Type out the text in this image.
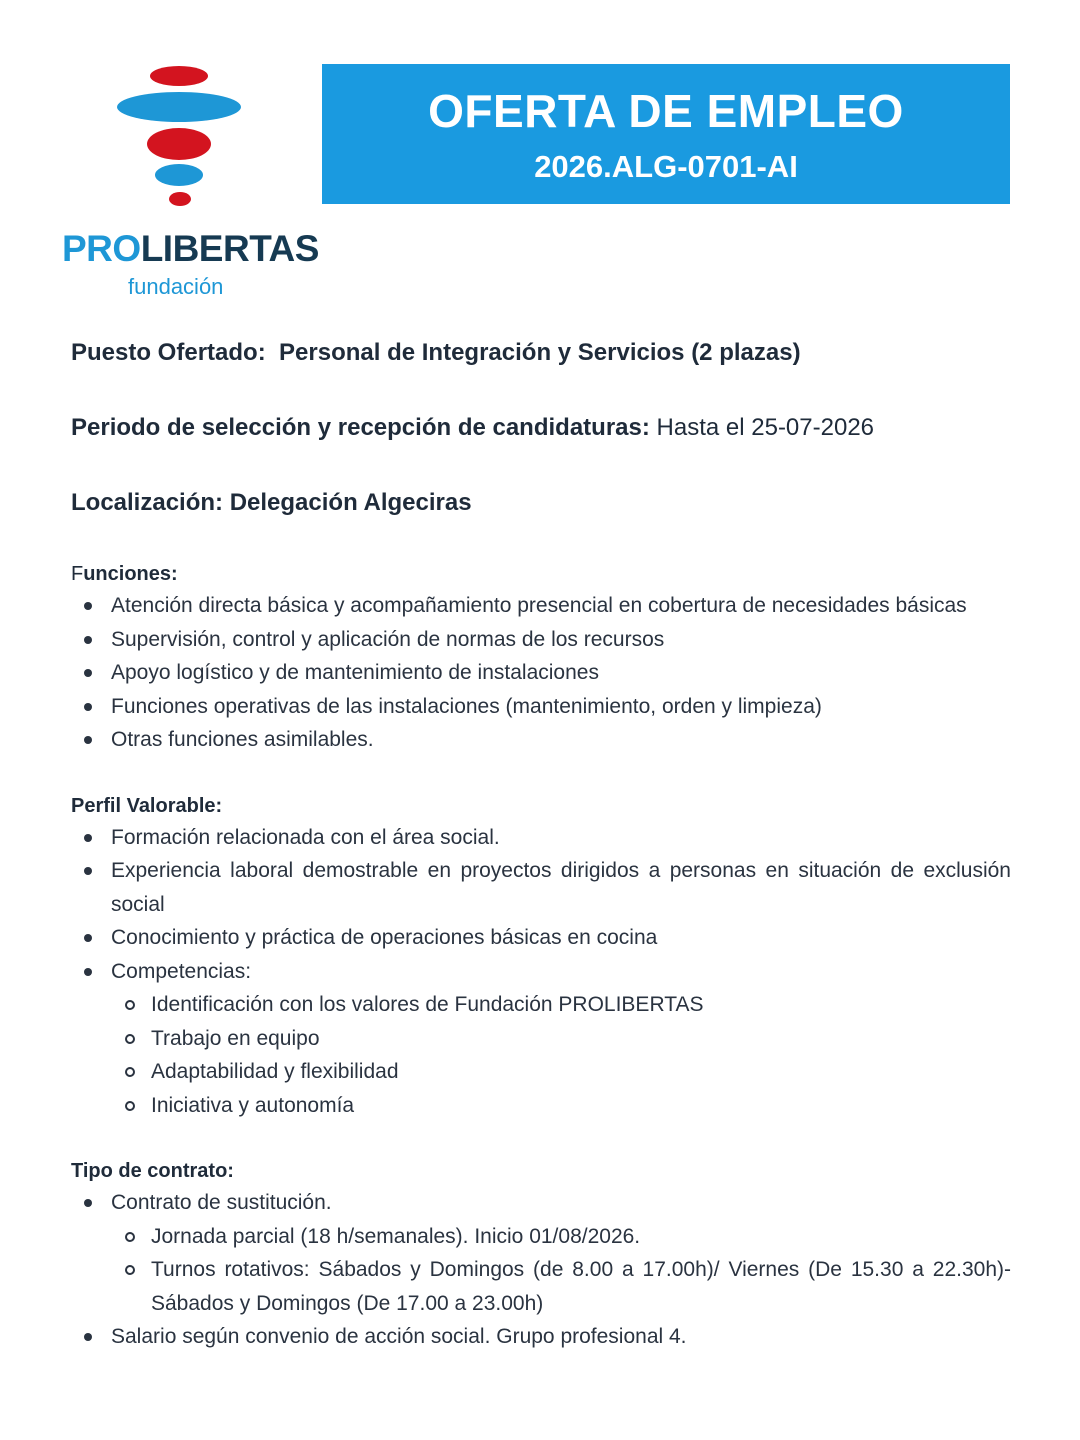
PROLIBERTAS
fundación
OFERTA DE EMPLEO
2026.ALG-0701-AI

Puesto Ofertado: Personal de Integración y Servicios (2 plazas)

Periodo de selección y recepción de candidaturas: Hasta el 25-07-2026

Localización: Delegación Algeciras

Funciones:

Atención directa básica y acompañamiento presencial en cobertura de necesidades básicas
Supervisión, control y aplicación de normas de los recursos
Apoyo logístico y de mantenimiento de instalaciones
Funciones operativas de las instalaciones (mantenimiento, orden y limpieza)
Otras funciones asimilables.

Perfil Valorable:

Formación relacionada con el área social.
Experiencia laboral demostrable en proyectos dirigidos a personas en situación de exclusión social
Conocimiento y práctica de operaciones básicas en cocina
Competencias:
Identificación con los valores de Fundación PROLIBERTAS
Trabajo en equipo
Adaptabilidad y flexibilidad
Iniciativa y autonomía

Tipo de contrato:

Contrato de sustitución.
Jornada parcial (18 h/semanales). Inicio 01/08/2026.
Turnos rotativos: Sábados y Domingos (de 8.00 a 17.00h)/ Viernes (De 15.30 a 22.30h)-Sábados y Domingos (De 17.00 a 23.00h)
Salario según convenio de acción social. Grupo profesional 4.
